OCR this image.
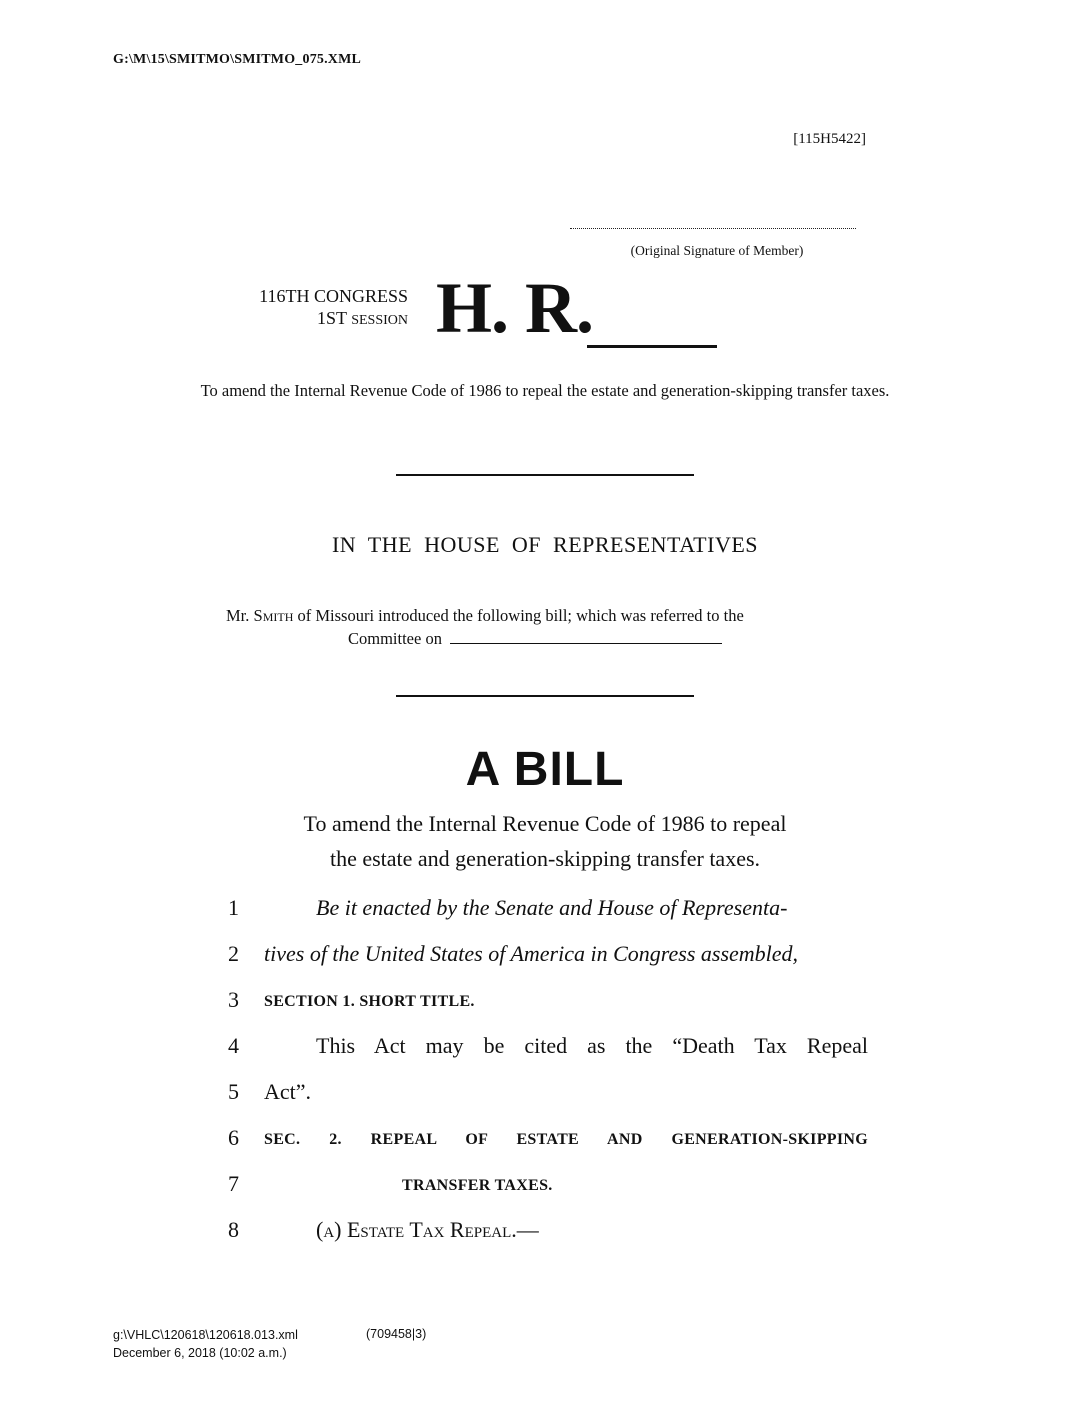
G:\M\15\SMITMO\SMITMO_075.XML
[115H5422]
(Original Signature of Member)
116TH CONGRESS
1ST SESSION H. R.
To amend the Internal Revenue Code of 1986 to repeal the estate and generation-skipping transfer taxes.
IN THE HOUSE OF REPRESENTATIVES
Mr. Smith of Missouri introduced the following bill; which was referred to the
Committee on
A BILL
To amend the Internal Revenue Code of 1986 to repeal
the estate and generation-skipping transfer taxes.
1	Be it enacted by the Senate and House of Representa-
2	tives of the United States of America in Congress assembled,
3	SECTION 1. SHORT TITLE.
4	This Act may be cited as the “Death Tax Repeal
5	Act”.
6	SEC. 2. REPEAL OF ESTATE AND GENERATION-SKIPPING
7	TRANSFER TAXES.
8	(a) Estate Tax Repeal.—
g:\VHLC\120618\120618.013.xml	(709458|3)
December 6, 2018 (10:02 a.m.)
